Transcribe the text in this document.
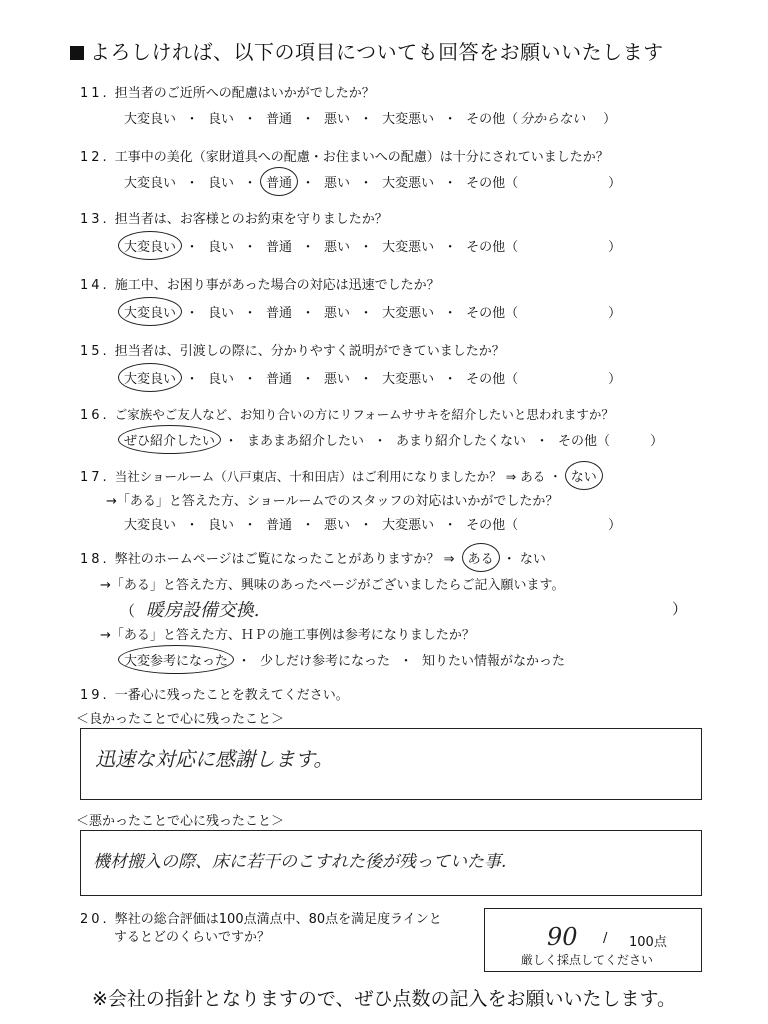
よろしければ、以下の項目についても回答をお願いいたします
11. 担当者のご近所への配慮はいかがでしたか？
大変良い ・ 良い ・ 普通 ・ 悪い ・ 大変悪い ・ その他（ 分からない ）
12. 工事中の美化（家財道具への配慮・お住まいへの配慮）は十分にされていましたか？
大変良い ・ 良い ・ 普通 ・ 悪い ・ 大変悪い ・ その他（	）
13. 担当者は、お客様とのお約束を守りましたか？
大変良い ・ 良い ・ 普通 ・ 悪い ・ 大変悪い ・ その他（	）
14. 施工中、お困り事があった場合の対応は迅速でしたか？
大変良い ・ 良い ・ 普通 ・ 悪い ・ 大変悪い ・ その他（	）
15. 担当者は、引渡しの際に、分かりやすく説明ができていましたか？
大変良い ・ 良い ・ 普通 ・ 悪い ・ 大変悪い ・ その他（	）
16. ご家族やご友人など、お知り合いの方にリフォームササキを紹介したいと思われますか？
ぜひ紹介したい ・ まあまあ紹介したい ・ あまり紹介したくない ・ その他（	）
17. 当社ショールーム（八戸東店、十和田店）はご利用になりましたか？ ⇒ ある ・ ない
→「ある」と答えた方、ショールームでのスタッフの対応はいかがでしたか？
大変良い ・ 良い ・ 普通 ・ 悪い ・ 大変悪い ・ その他（	）
18. 弊社のホームページはご覧になったことがありますか？ ⇒ ある ・ ない
→「ある」と答えた方、興味のあったページがございましたらご記入願います。
（ 暖房設備交換.	）
→「ある」と答えた方、ＨＰの施工事例は参考になりましたか？
大変参考になった ・ 少しだけ参考になった ・ 知りたい情報がなかった
19. 一番心に残ったことを教えてください。
＜良かったことで心に残ったこと＞
迅速な対応に感謝します。
＜悪かったことで心に残ったこと＞
機材搬入の際、床に若干のこすれた後が残っていた事.
20. 弊社の総合評価は100点満点中、80点を満足度ラインと
するとどのくらいですか？	90 / 100点
厳しく採点してください
※会社の指針となりますので、ぜひ点数の記入をお願いいたします。
